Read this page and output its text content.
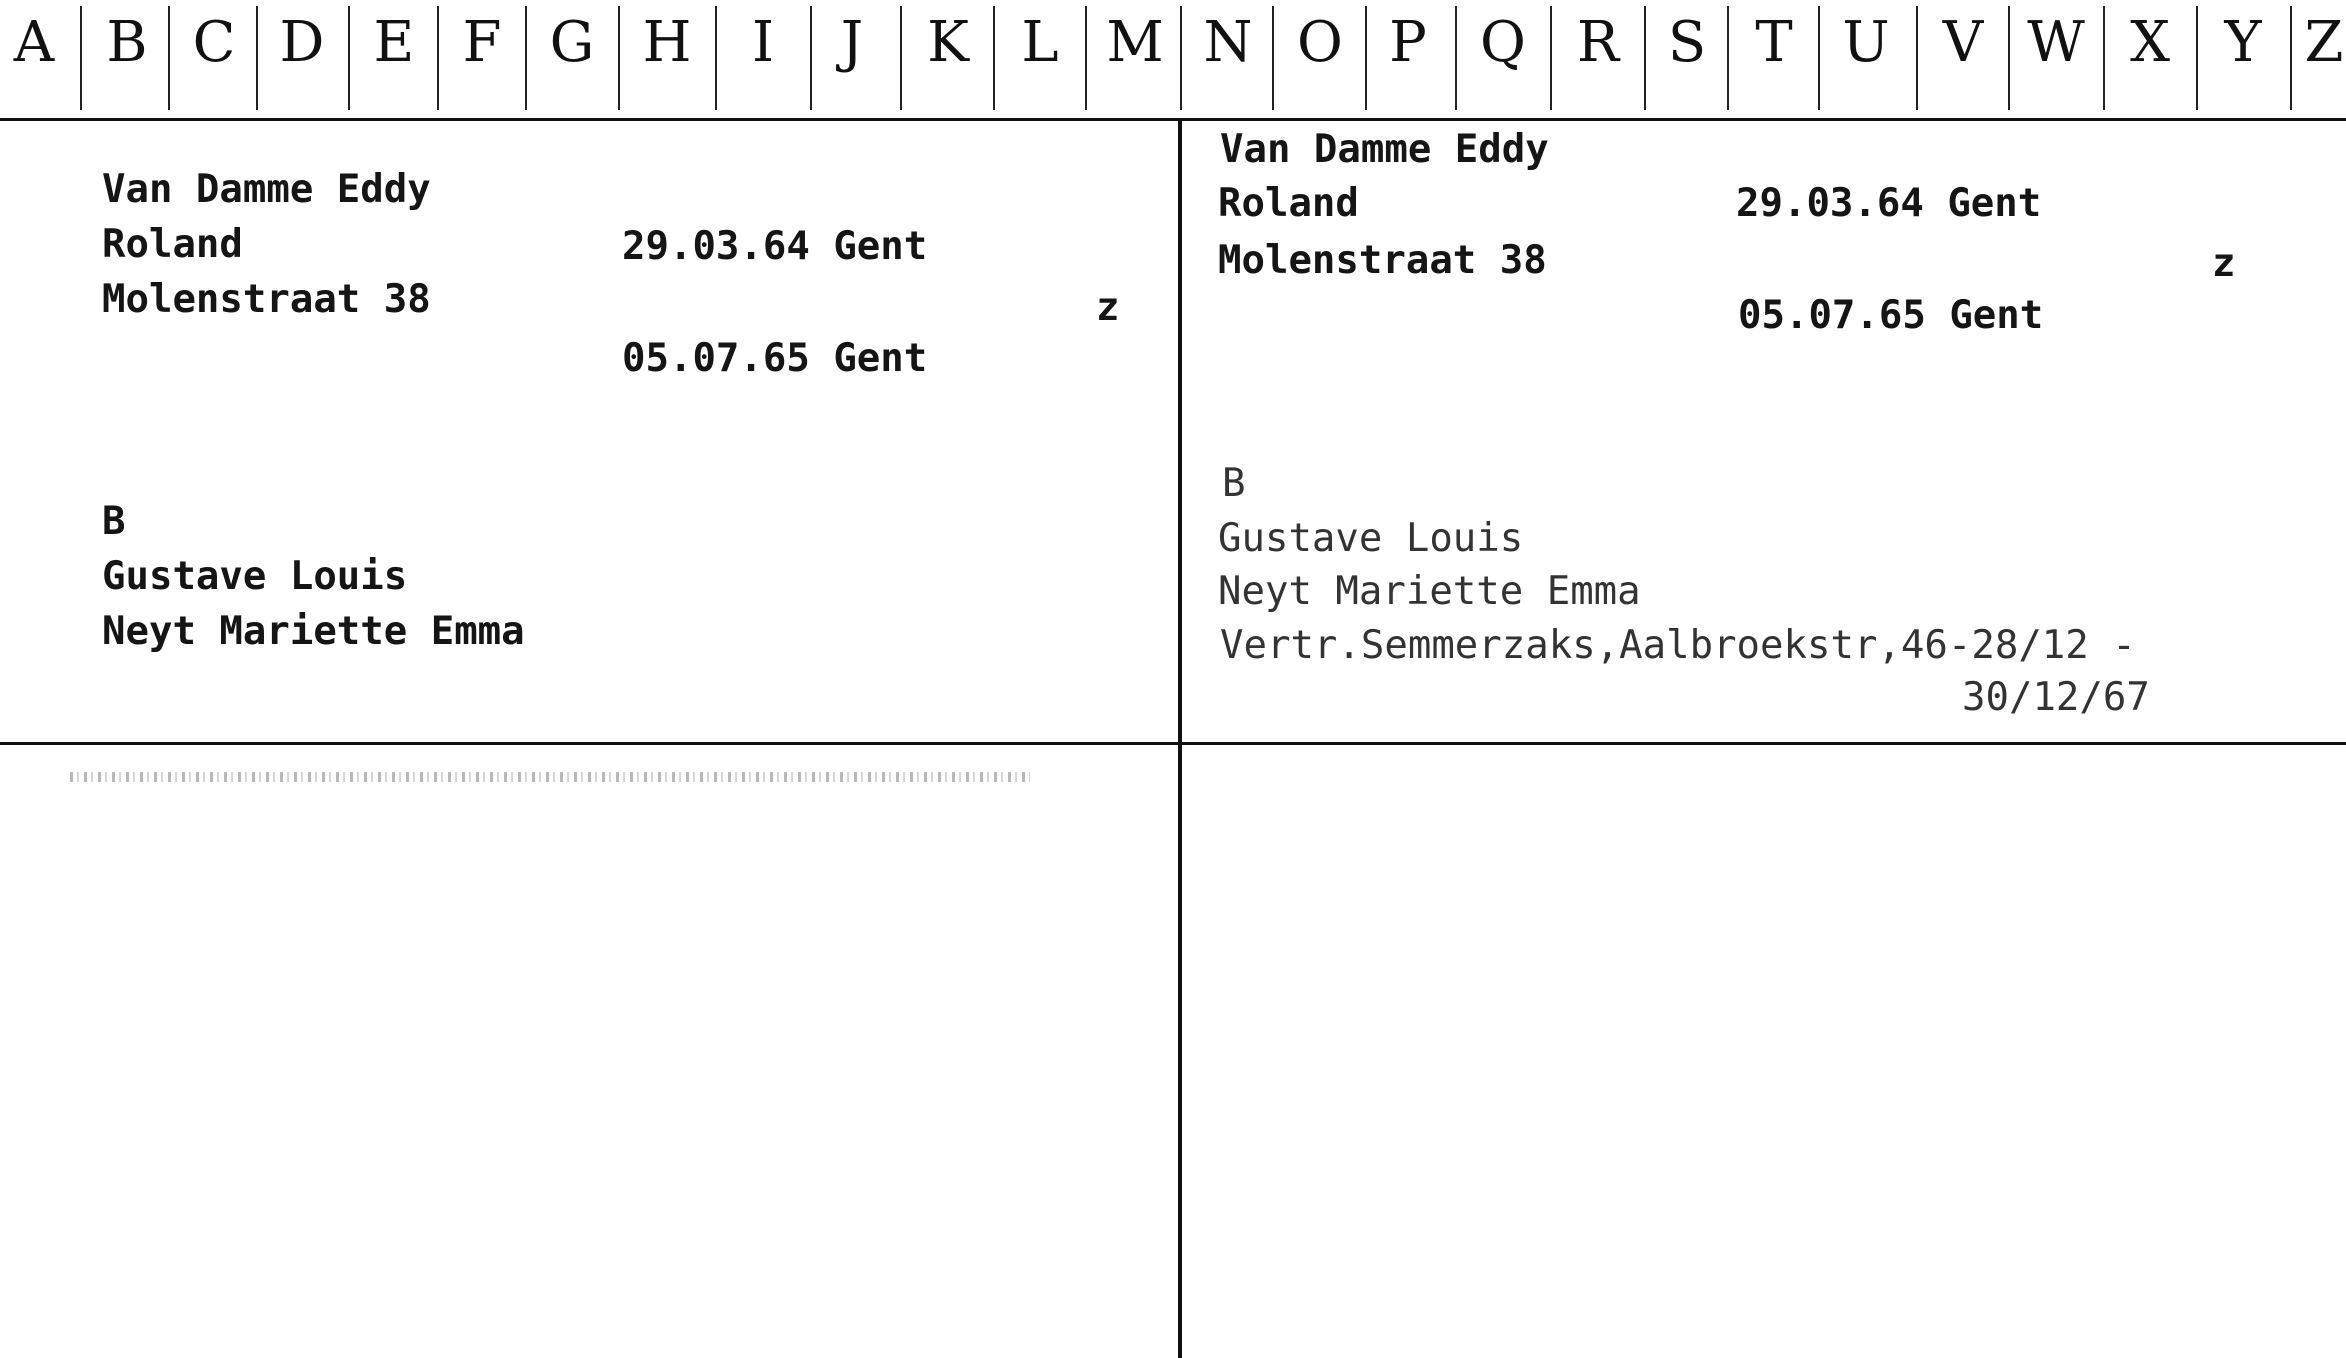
A B C D E F G H I J K L M N O P Q R S T U V W X Y Z
Van Damme Eddy
Roland	29.03.64 Gent
Molenstraat 38	z
05.07.65 Gent
B
Gustave Louis
Neyt Mariette Emma
Van Damme Eddy
Roland	29.03.64 Gent
Molenstraat 38	z
05.07.65 Gent
B
Gustave Louis
Neyt Mariette Emma
Vertr.Semmerzaks,Aalbroekstr,46-28/12 -
30/12/67
